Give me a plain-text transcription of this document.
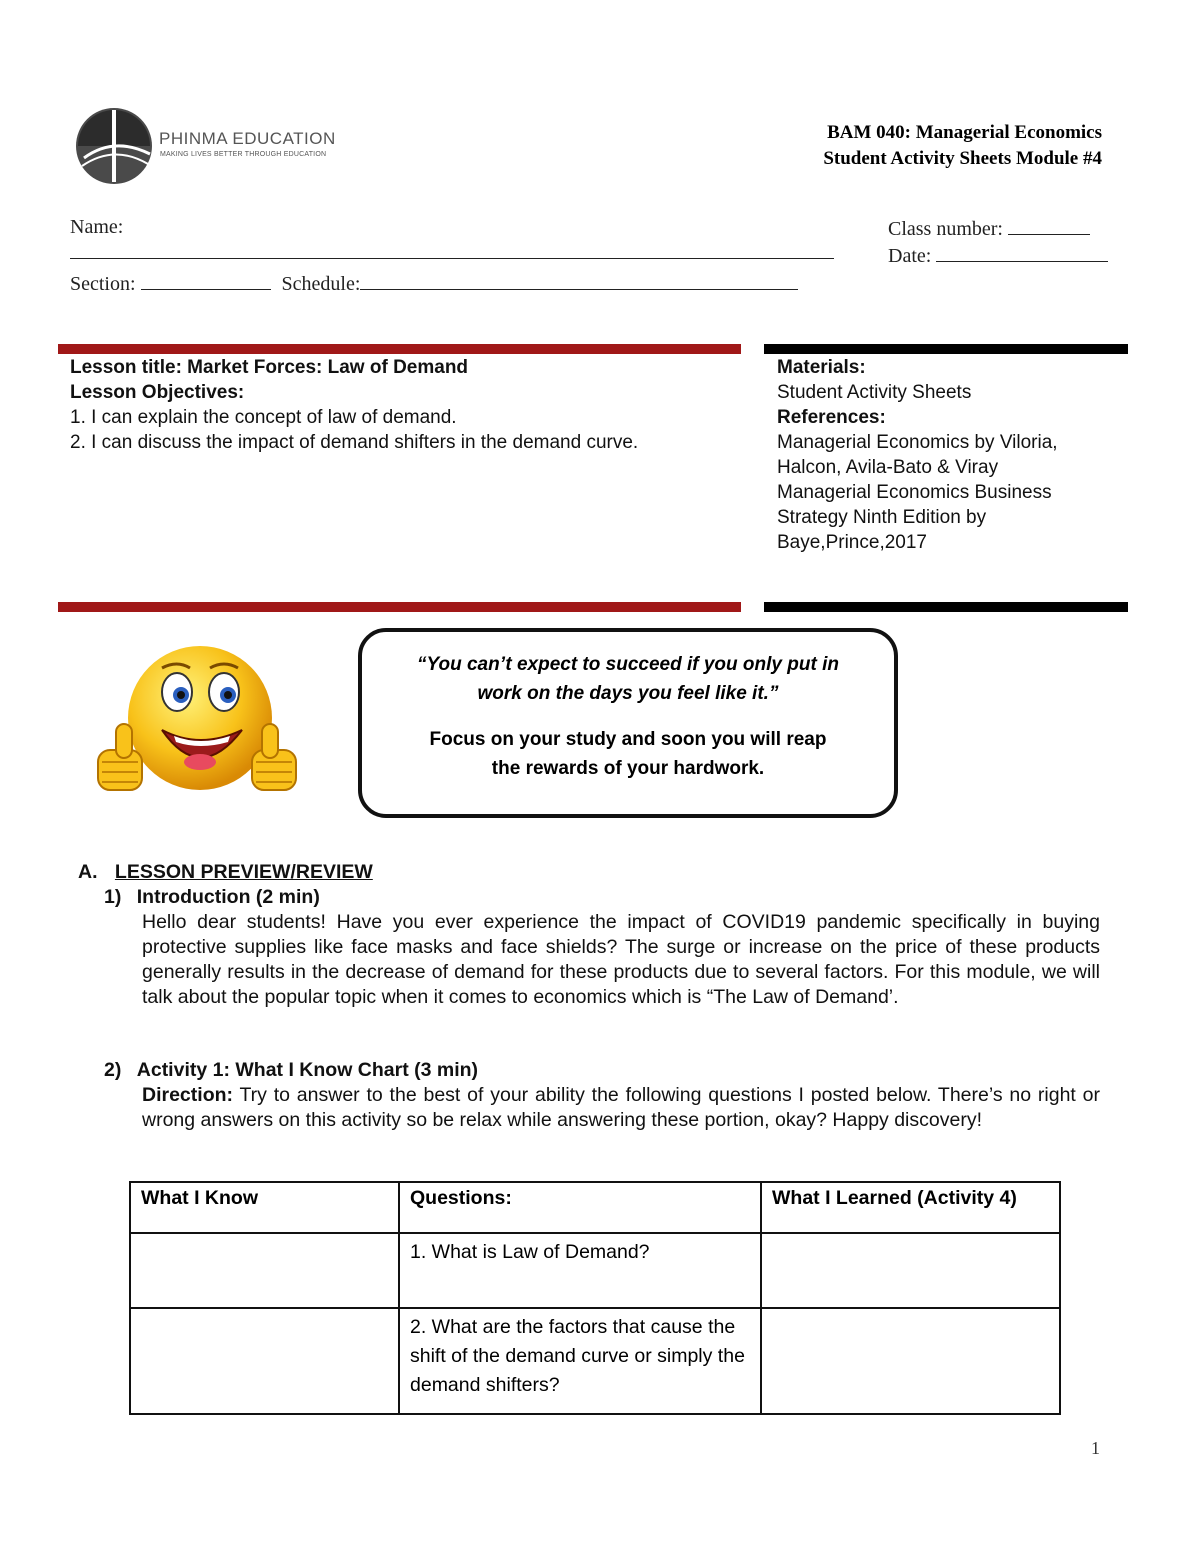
PHINMA EDUCATION
MAKING LIVES BETTER THROUGH EDUCATION
BAM 040: Managerial Economics
Student Activity Sheets Module #4
Name:	Class number:
Date:
Section:	Schedule:
Lesson title: Market Forces: Law of Demand
Lesson Objectives:
1. I can explain the concept of law of demand.
2. I can discuss the impact of demand shifters in the demand curve.
Materials:
Student Activity Sheets
References:
Managerial Economics by Viloria,
Halcon, Avila-Bato & Viray
Managerial Economics Business
Strategy Ninth Edition by
Baye,Prince,2017
“You can’t expect to succeed if you only put in
work on the days you feel like it.”
Focus on your study and soon you will reap
the rewards of your hardwork.
A. LESSON PREVIEW/REVIEW
1) Introduction (2 min)
Hello dear students! Have you ever experience the impact of COVID19 pandemic specifically in buying protective supplies like face masks and face shields? The surge or increase on the price of these products generally results in the decrease of demand for these products due to several factors. For this module, we will talk about the popular topic when it comes to economics which is “The Law of Demand’.
2) Activity 1: What I Know Chart (3 min)
Direction: Try to answer to the best of your ability the following questions I posted below. There’s no right or wrong answers on this activity so be relax while answering these portion, okay? Happy discovery!
What I Know	Questions:	What I Learned (Activity 4)
	1. What is Law of Demand?	
	2. What are the factors that cause the shift of the demand curve or simply the demand shifters?	
1
